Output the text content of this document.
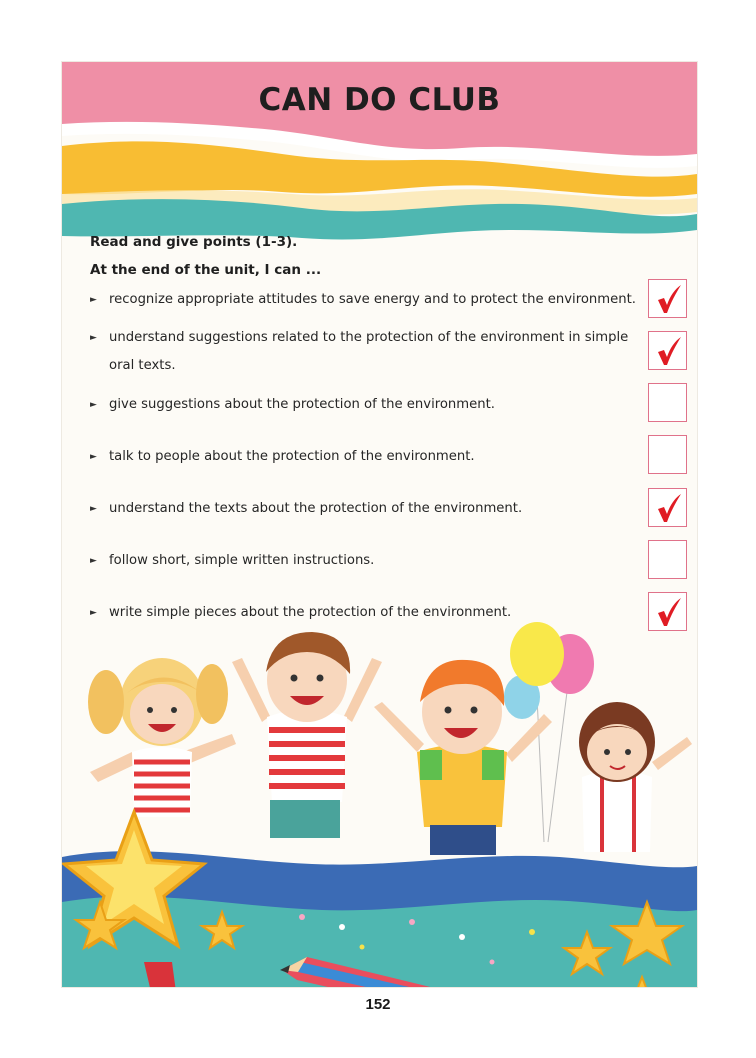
CAN DO CLUB
Read and give points (1-3).
At the end of the unit, I can ...
► recognize appropriate attitudes to save energy and to protect the environment.
► understand suggestions related to the protection of the environment in simple oral texts.
► give suggestions about the protection of the environment.
► talk to people about the protection of the environment.
► understand the texts about the protection of the environment.
► follow short, simple written instructions.
► write simple pieces about the protection of the environment.
152
